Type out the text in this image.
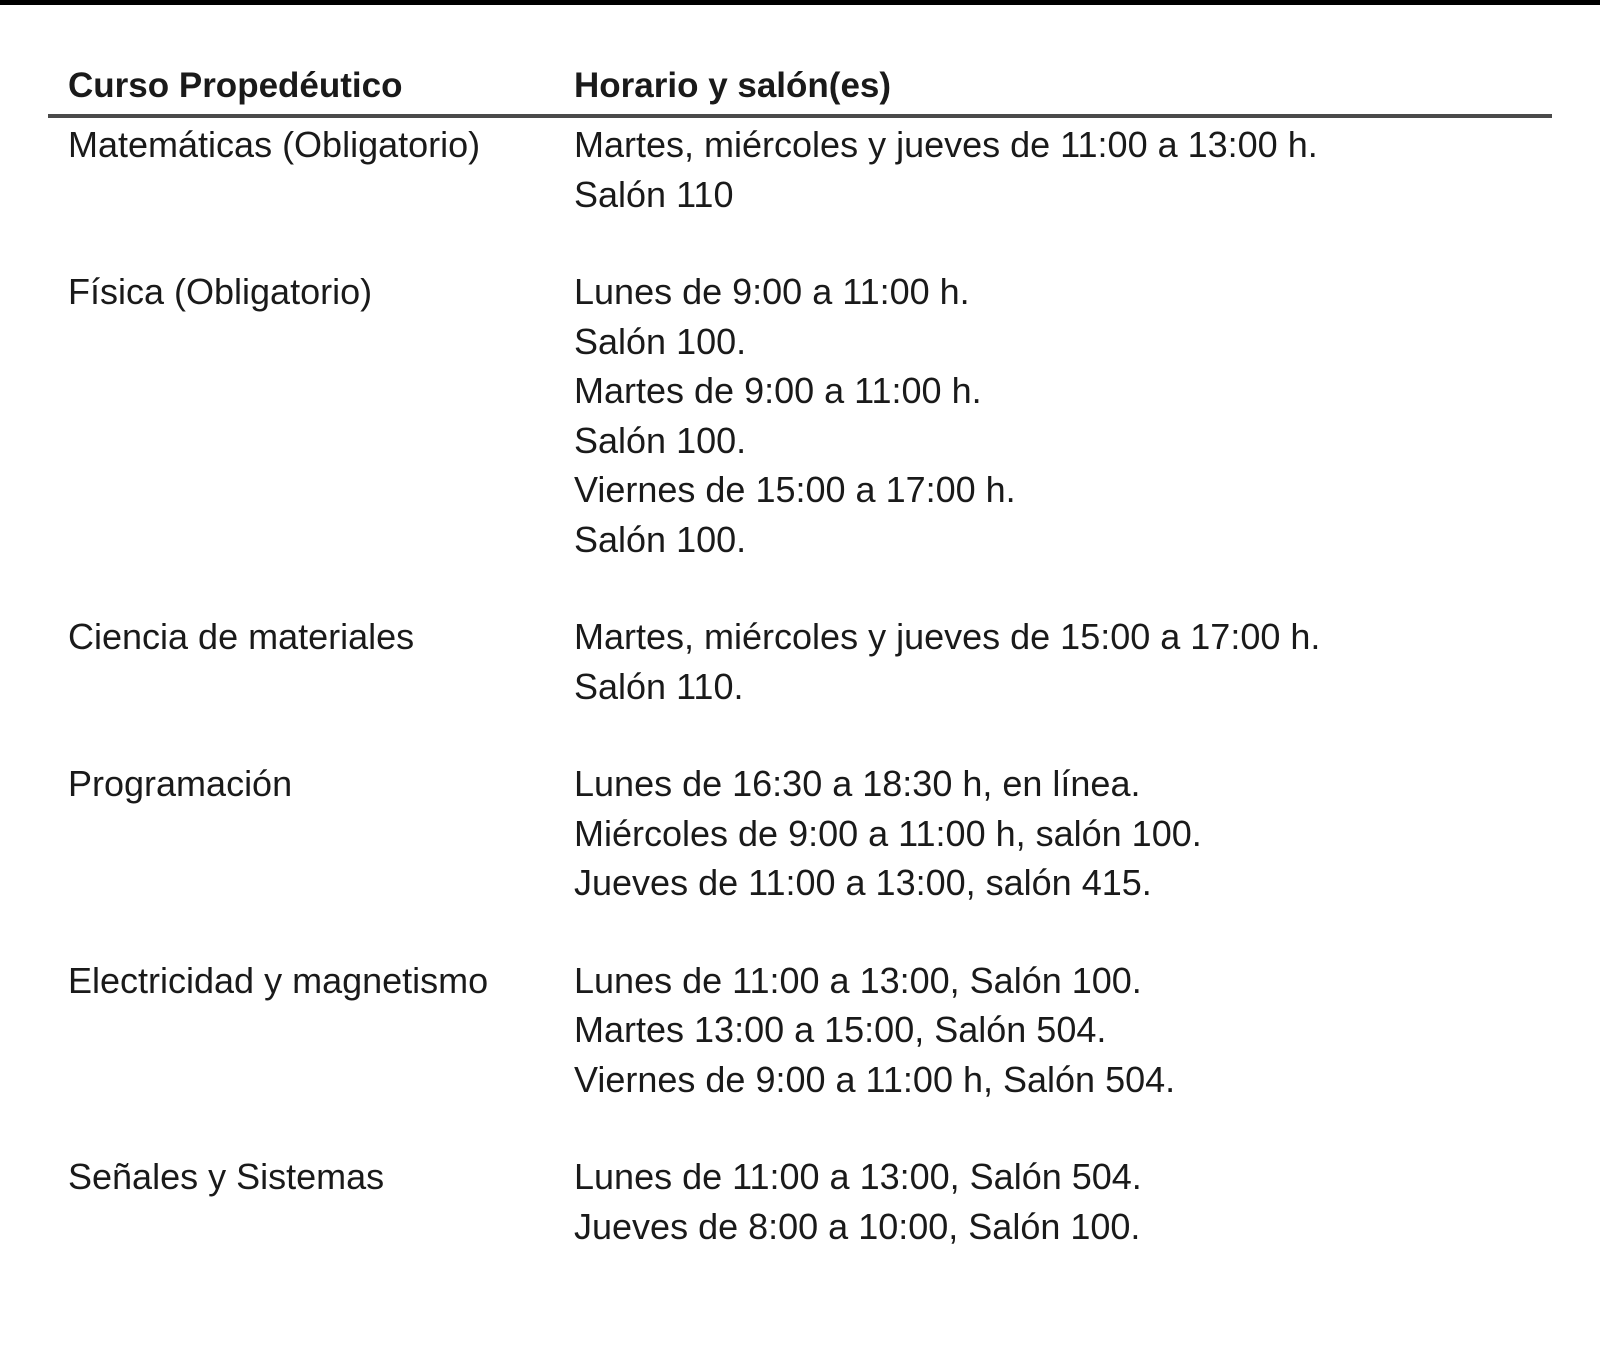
Curso Propedéutico	Horario y salón(es)
Matemáticas (Obligatorio)	Martes, miércoles y jueves de 11:00 a 13:00 h.
Salón 110
Física (Obligatorio)	Lunes de 9:00 a 11:00 h.
Salón 100.
Martes de 9:00 a 11:00 h.
Salón 100.
Viernes de 15:00 a 17:00 h.
Salón 100.
Ciencia de materiales	Martes, miércoles y jueves de 15:00 a 17:00 h.
Salón 110.
Programación	Lunes de 16:30 a 18:30 h, en línea.
Miércoles de 9:00 a 11:00 h, salón 100.
Jueves de 11:00 a 13:00, salón 415.
Electricidad y magnetismo Lunes de 11:00 a 13:00, Salón 100.
Martes 13:00 a 15:00, Salón 504.
Viernes de 9:00 a 11:00 h, Salón 504.
Señales y Sistemas	Lunes de 11:00 a 13:00, Salón 504.
Jueves de 8:00 a 10:00, Salón 100.
